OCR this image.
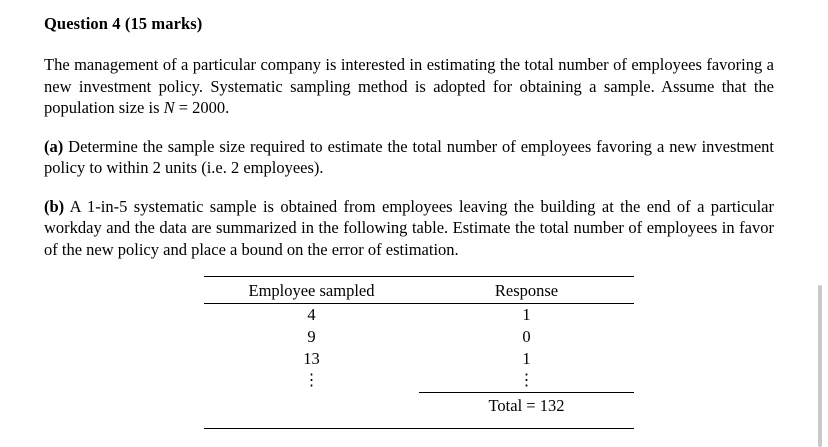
Question 4 (15 marks)

The management of a particular company is interested in estimating the total number of employees favoring a new investment policy. Systematic sampling method is adopted for obtaining a sample. Assume that the population size is N = 2000.

(a) Determine the sample size required to estimate the total number of employees favoring a new investment policy to within 2 units (i.e. 2 employees).

(b) A 1-in-5 systematic sample is obtained from employees leaving the building at the end of a particular workday and the data are summarized in the following table. Estimate the total number of employees in favor of the new policy and place a bound on the error of estimation.

Employee sampled	Response
4	1
9	0
13	1
⋮	⋮
	Total = 132
